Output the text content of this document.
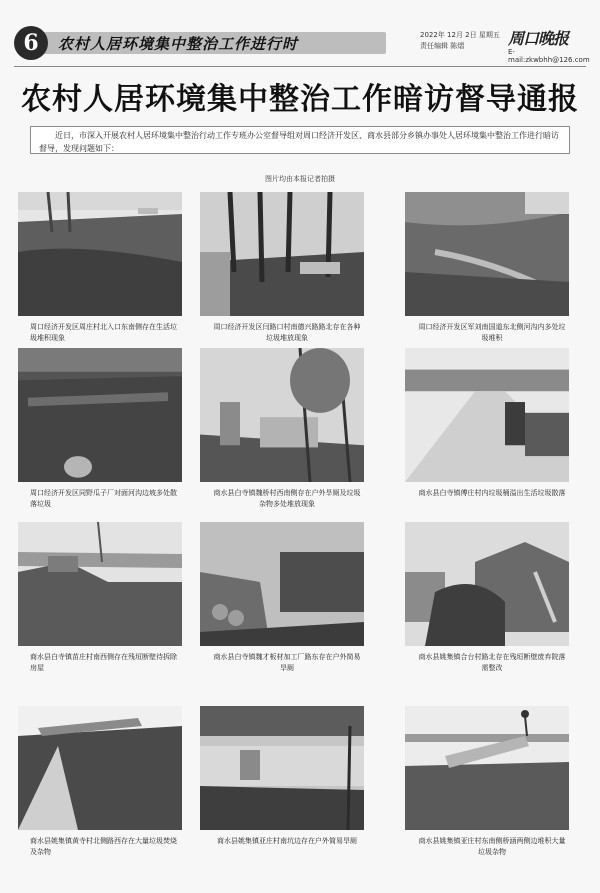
6	农村人居环境集中整治工作进行时	2022年 12月 2日 星期五
责任编辑 陈熠	周口晚报
E-mail:zkwbhh@126.com
农村人居环境集中整治工作暗访督导通报
近日，市深入开展农村人居环境集中整治行动工作专班办公室督导组对周口经济开发区、商水县部分乡镇办事处人居环境集中整治工作进行暗访督导，发现问题如下：
图片均由本报记者拍摄
周口经济开发区周庄村北入口东南侧存在生活垃圾堆积现象
周口经济开发区闫路口村南德兴路路北存在各种垃圾堆放现象
周口经济开发区军刘南国道东北侧河沟内多处垃圾堆积
周口经济开发区同野瓜子厂对面河沟边坡多处散落垃圾
商水县白寺镇魏桥村西南侧存在户外旱厕及垃圾杂物多处堆放现象
商水县白寺镇傅庄村内垃圾桶溢出生活垃圾散落
商水县白寺镇苗庄村南西侧存在残垣断壁待拆除房屋
商水县白寺镇魏才板材加工厂路东存在户外简易旱厕
商水县姚集镇合台村路北存在残垣断壁废弃院落需整改
商水县姚集镇黄寺村北侧路西存在大量垃圾焚烧及杂物
商水县姚集镇亚庄村南坑边存在户外简易旱厕	商水县姚集镇亚庄村东南侧桥涵两侧边堆积大量垃圾杂物
